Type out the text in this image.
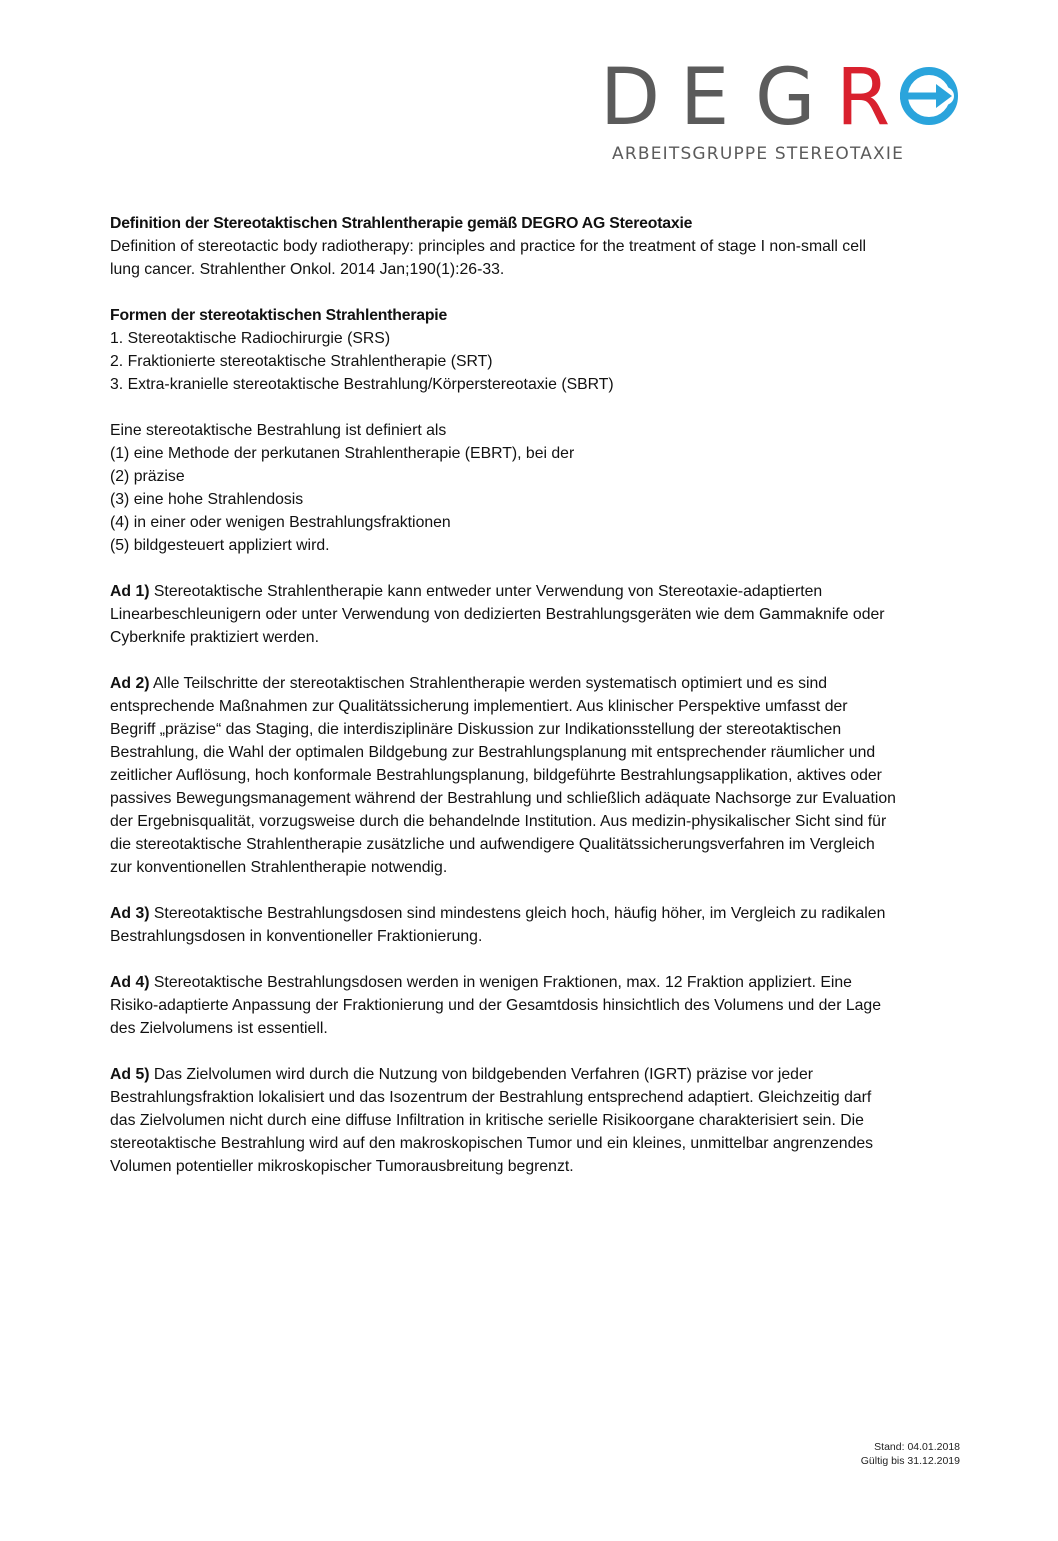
D E G R
ARBEITSGRUPPE STEREOTAXIE

Definition der Stereotaktischen Strahlentherapie gemäß DEGRO AG Stereotaxie

Definition of stereotactic body radiotherapy: principles and practice for the treatment of stage I non-small cell

lung cancer. Strahlenther Onkol. 2014 Jan;190(1):26-33.

Formen der stereotaktischen Strahlentherapie

1. Stereotaktische Radiochirurgie (SRS)

2. Fraktionierte stereotaktische Strahlentherapie (SRT)

3. Extra-kranielle stereotaktische Bestrahlung/Körperstereotaxie (SBRT)

Eine stereotaktische Bestrahlung ist definiert als

(1) eine Methode der perkutanen Strahlentherapie (EBRT), bei der

(2) präzise

(3) eine hohe Strahlendosis

(4) in einer oder wenigen Bestrahlungsfraktionen

(5) bildgesteuert appliziert wird.

Ad 1) Stereotaktische Strahlentherapie kann entweder unter Verwendung von Stereotaxie-adaptierten

Linearbeschleunigern oder unter Verwendung von dedizierten Bestrahlungsgeräten wie dem Gammaknife oder

Cyberknife praktiziert werden.

Ad 2) Alle Teilschritte der stereotaktischen Strahlentherapie werden systematisch optimiert und es sind

entsprechende Maßnahmen zur Qualitätssicherung implementiert. Aus klinischer Perspektive umfasst der

Begriff „präzise“ das Staging, die interdisziplinäre Diskussion zur Indikationsstellung der stereotaktischen

Bestrahlung, die Wahl der optimalen Bildgebung zur Bestrahlungsplanung mit entsprechender räumlicher und

zeitlicher Auflösung, hoch konformale Bestrahlungsplanung, bildgeführte Bestrahlungsapplikation, aktives oder

passives Bewegungsmanagement während der Bestrahlung und schließlich adäquate Nachsorge zur Evaluation

der Ergebnisqualität, vorzugsweise durch die behandelnde Institution. Aus medizin-physikalischer Sicht sind für

die stereotaktische Strahlentherapie zusätzliche und aufwendigere Qualitätssicherungsverfahren im Vergleich

zur konventionellen Strahlentherapie notwendig.

Ad 3) Stereotaktische Bestrahlungsdosen sind mindestens gleich hoch, häufig höher, im Vergleich zu radikalen

Bestrahlungsdosen in konventioneller Fraktionierung.

Ad 4) Stereotaktische Bestrahlungsdosen werden in wenigen Fraktionen, max. 12 Fraktion appliziert. Eine

Risiko-adaptierte Anpassung der Fraktionierung und der Gesamtdosis hinsichtlich des Volumens und der Lage

des Zielvolumens ist essentiell.

Ad 5) Das Zielvolumen wird durch die Nutzung von bildgebenden Verfahren (IGRT) präzise vor jeder

Bestrahlungsfraktion lokalisiert und das Isozentrum der Bestrahlung entsprechend adaptiert. Gleichzeitig darf

das Zielvolumen nicht durch eine diffuse Infiltration in kritische serielle Risikoorgane charakterisiert sein. Die

stereotaktische Bestrahlung wird auf den makroskopischen Tumor und ein kleines, unmittelbar angrenzendes

Volumen potentieller mikroskopischer Tumorausbreitung begrenzt.

Stand: 04.01.2018
Gültig bis 31.12.2019
